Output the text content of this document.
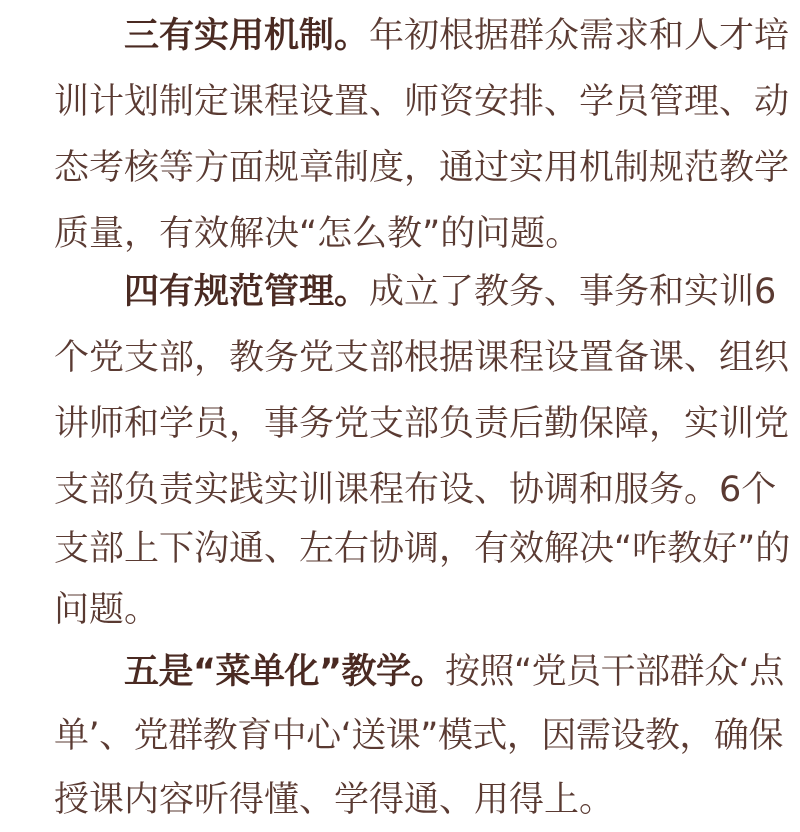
三有实用机制。年初根据群众需求和人才培
训计划制定课程设置、师资安排、学员管理、动
态考核等方面规章制度，通过实用机制规范教学
质量，有效解决“怎么教”的问题。
四有规范管理。成立了教务、事务和实训6
个党支部，教务党支部根据课程设置备课、组织
讲师和学员，事务党支部负责后勤保障，实训党
支部负责实践实训课程布设、协调和服务。6个
支部上下沟通、左右协调，有效解决“咋教好”的
问题。
五是“菜单化”教学。按照“党员干部群众‘点
单’、党群教育中心‘送课”模式，因需设教，确保
授课内容听得懂、学得通、用得上。
